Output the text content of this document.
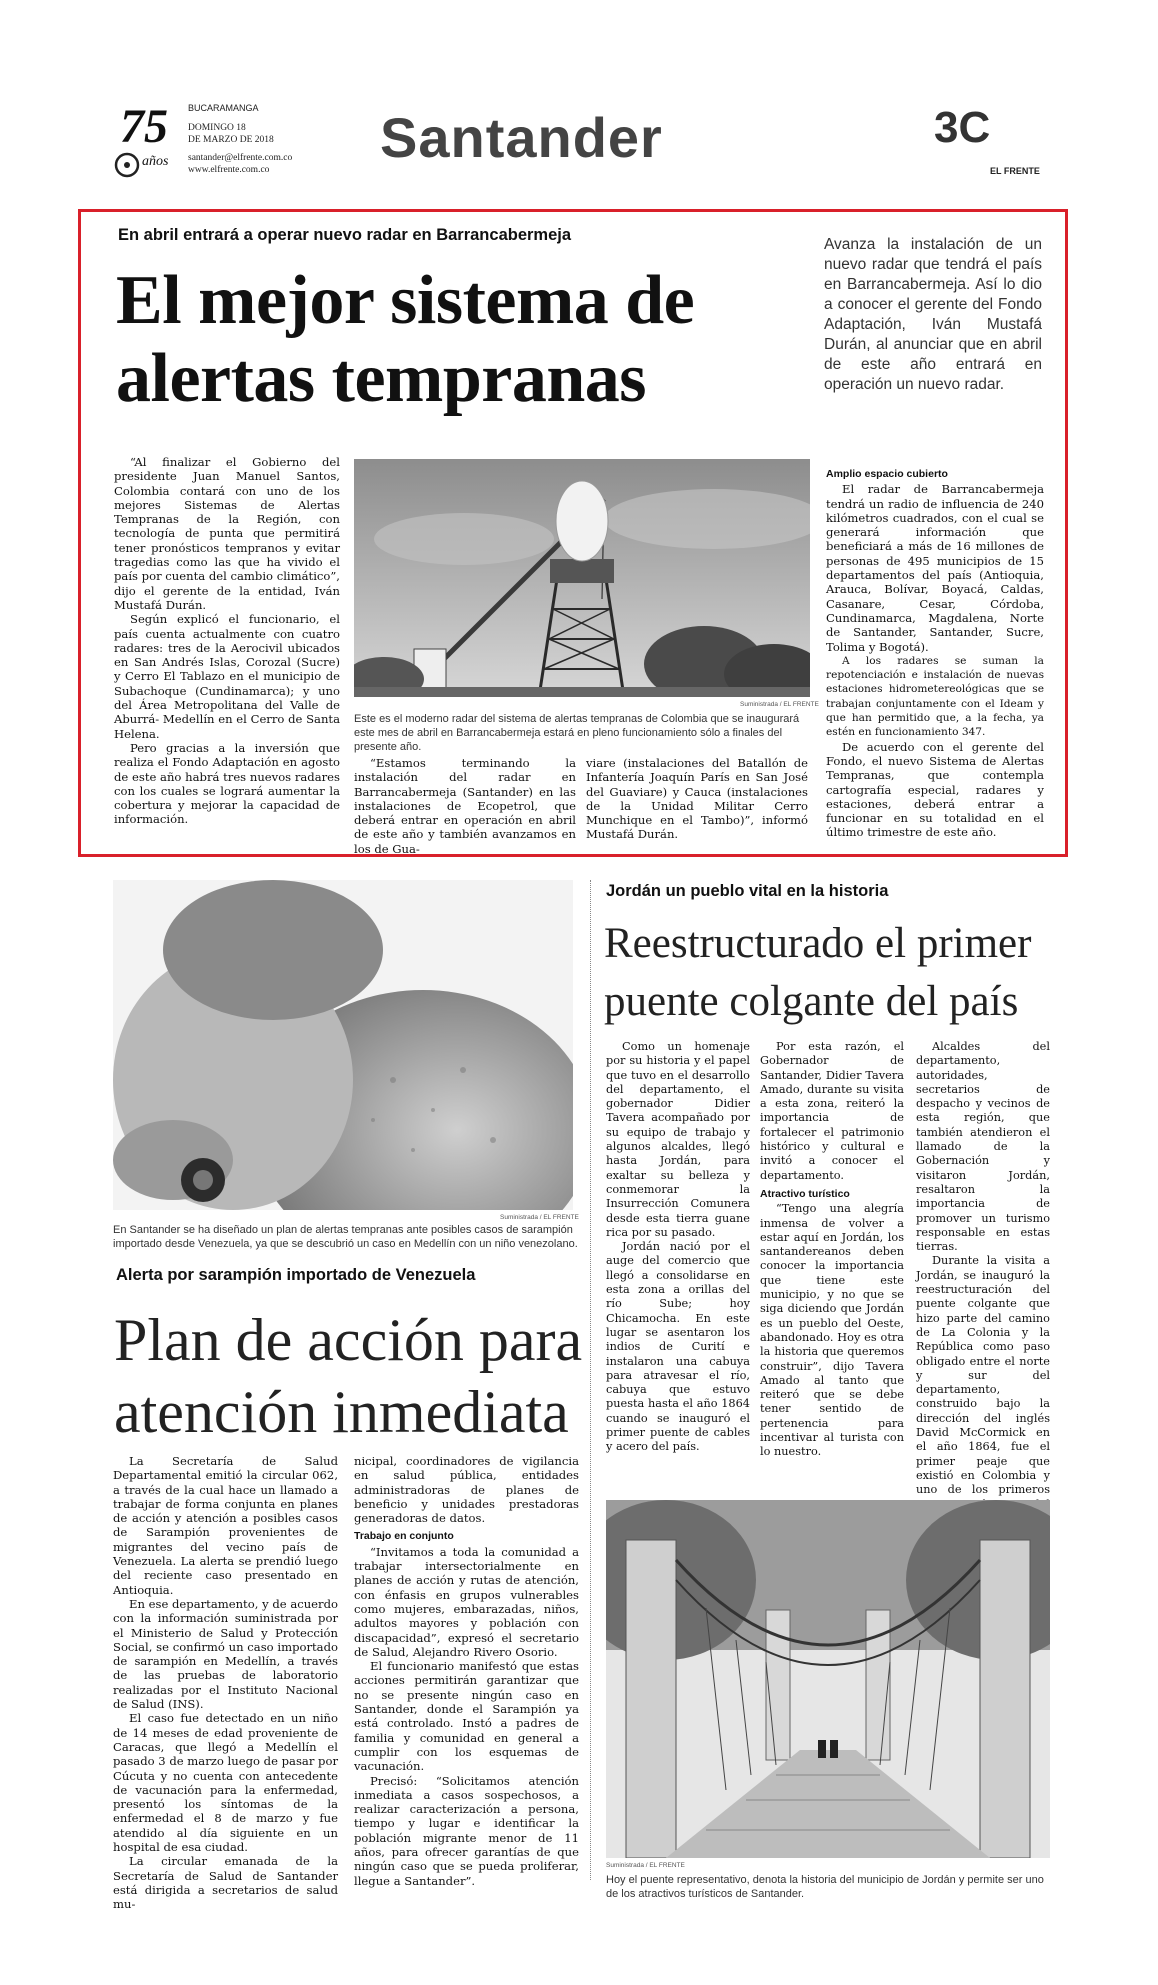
75
años
BUCARAMANGA
DOMINGO 18
DE MARZO DE 2018
santander@elfrente.com.co
www.elfrente.com.co
Santander	3C
EL FRENTE
En abril entrará a operar nuevo radar en Barrancabermeja
El mejor sistema de
alertas tempranas
Avanza la instalación de un nuevo radar que tendrá el país en Barrancabermeja. Así lo dio a conocer el gerente del Fondo Adaptación, Iván Mustafá Durán, al anunciar que en abril de este año entrará en operación un nuevo radar.

“Al finalizar el Gobierno del presidente Juan Manuel Santos, Colombia contará con uno de los mejores Sistemas de Alertas Tempranas de la Región, con tecnología de punta que permitirá tener pronósticos tempranos y evitar tragedias como las que ha vivido el país por cuenta del cambio climático”, dijo el gerente de la entidad, Iván Mustafá Durán.

Según explicó el funcionario, el país cuenta actualmente con cuatro radares: tres de la Aerocivil ubicados en San Andrés Islas, Corozal (Sucre) y Cerro El Tablazo en el municipio de Subachoque (Cundinamarca); y uno del Área Metropolitana del Valle de Aburrá- Medellín en el Cerro de Santa Helena.

Pero gracias a la inversión que realiza el Fondo Adaptación en agosto de este año habrá tres nuevos radares con los cuales se logrará aumentar la cobertura y mejorar la capacidad de información.

Suministrada / EL FRENTE
Este es el moderno radar del sistema de alertas tempranas de Colombia que se inaugurará este mes de abril en Barrancabermeja estará en pleno funcionamiento sólo a finales del presente año.

“Estamos terminando la instalación del radar en Barrancabermeja (Santander) en las instalaciones de Ecopetrol, que deberá entrar en operación en abril de este año y también avanzamos en los de Gua-

viare (instalaciones del Batallón de Infantería Joaquín París en San José del Guaviare) y Cauca (instalaciones de la Unidad Militar Cerro Munchique en el Tambo)”, informó Mustafá Durán.

Amplio espacio cubierto

El radar de Barrancabermeja tendrá un radio de influencia de 240 kilómetros cuadrados, con el cual se generará información que beneficiará a más de 16 millones de personas de 495 municipios de 15 departamentos del país (Antioquia, Arauca, Bolívar, Boyacá, Caldas, Casanare, Cesar, Córdoba, Cundinamarca, Magdalena, Norte de Santander, Santander, Sucre, Tolima y Bogotá).

A los radares se suman la repotenciación e instalación de nuevas estaciones hidrometereológicas que se trabajan conjuntamente con el Ideam y que han permitido que, a la fecha, ya estén en funcionamiento 347.

De acuerdo con el gerente del Fondo, el nuevo Sistema de Alertas Tempranas, que contempla cartografía especial, radares y estaciones, deberá entrar a funcionar en su totalidad en el último trimestre de este año.

Suministrada / EL FRENTE
En Santander se ha diseñado un plan de alertas tempranas ante posibles casos de sarampión importado desde Venezuela, ya que se descubrió un caso en Medellín con un niño venezolano.
Alerta por sarampión importado de Venezuela
Plan de acción para
atención inmediata

La Secretaría de Salud Departamental emitió la circular 062, a través de la cual hace un llamado a trabajar de forma conjunta en planes de acción y atención a posibles casos de Sarampión provenientes de migrantes del vecino país de Venezuela. La alerta se prendió luego del reciente caso presentado en Antioquia.

En ese departamento, y de acuerdo con la información suministrada por el Ministerio de Salud y Protección Social, se confirmó un caso importado de sarampión en Medellín, a través de las pruebas de laboratorio realizadas por el Instituto Nacional de Salud (INS).

El caso fue detectado en un niño de 14 meses de edad proveniente de Caracas, que llegó a Medellín el pasado 3 de marzo luego de pasar por Cúcuta y no cuenta con antecedente de vacunación para la enfermedad, presentó los síntomas de la enfermedad el 8 de marzo y fue atendido al día siguiente en un hospital de esa ciudad.

La circular emanada de la Secretaría de Salud de Santander está dirigida a secretarios de salud mu-

nicipal, coordinadores de vigilancia en salud pública, entidades administradoras de planes de beneficio y unidades prestadoras generadoras de datos.

Trabajo en conjunto

“Invitamos a toda la comunidad a trabajar intersectorialmente en planes de acción y rutas de atención, con énfasis en grupos vulnerables como mujeres, embarazadas, niños, adultos mayores y población con discapacidad”, expresó el secretario de Salud, Alejandro Rivero Osorio.

El funcionario manifestó que estas acciones permitirán garantizar que no se presente ningún caso en Santander, donde el Sarampión ya está controlado. Instó a padres de familia y comunidad en general a cumplir con los esquemas de vacunación.

Precisó: “Solicitamos atención inmediata a casos sospechosos, a realizar caracterización a persona, tiempo y lugar e identificar la población migrante menor de 11 años, para ofrecer garantías de que ningún caso que se pueda proliferar, llegue a Santander”.

Jordán un pueblo vital en la historia
Reestructurado el primer
puente colgante del país

Como un homenaje por su historia y el papel que tuvo en el desarrollo del departamento, el gobernador Didier Tavera acompañado por su equipo de trabajo y algunos alcaldes, llegó hasta Jordán, para exaltar su belleza y conmemorar la Insurrección Comunera desde esta tierra guane rica por su pasado.

Jordán nació por el auge del comercio que llegó a consolidarse en esta zona a orillas del río Sube; hoy Chicamocha. En este lugar se asentaron los indios de Curití e instalaron una cabuya para atravesar el río, cabuya que estuvo puesta hasta el año 1864 cuando se inauguró el primer puente de cables y acero del país.

Por esta razón, el Gobernador de Santander, Didier Tavera Amado, durante su visita a esta zona, reiteró la importancia de fortalecer el patrimonio histórico y cultural e invitó a conocer el departamento.

Atractivo turístico

“Tengo una alegría inmensa de volver a estar aquí en Jordán, los santandereanos deben conocer la importancia que tiene este municipio, y no que se siga diciendo que Jordán es un pueblo del Oeste, abandonado. Hoy es otra la historia que queremos construir”, dijo Tavera Amado al tanto que reiteró que se debe tener sentido de pertenencia para incentivar al turista con lo nuestro.

Alcaldes del departamento, autoridades, secretarios de despacho y vecinos de esta región, que también atendieron el llamado de la Gobernación y visitaron Jordán, resaltaron la importancia de promover un turismo responsable en estas tierras.

Durante la visita a Jordán, se inauguró la reestructuración del puente colgante que hizo parte del camino de La Colonia y la República como paso obligado entre el norte y sur del departamento, construido bajo la dirección del inglés David McCormick en el año 1864, fue el primer peaje que existió en Colombia y uno de los primeros

Suministrada / EL FRENTE
Hoy el puente representativo, denota la historia del municipio de Jordán y permite ser uno de los atractivos turísticos de Santander.
